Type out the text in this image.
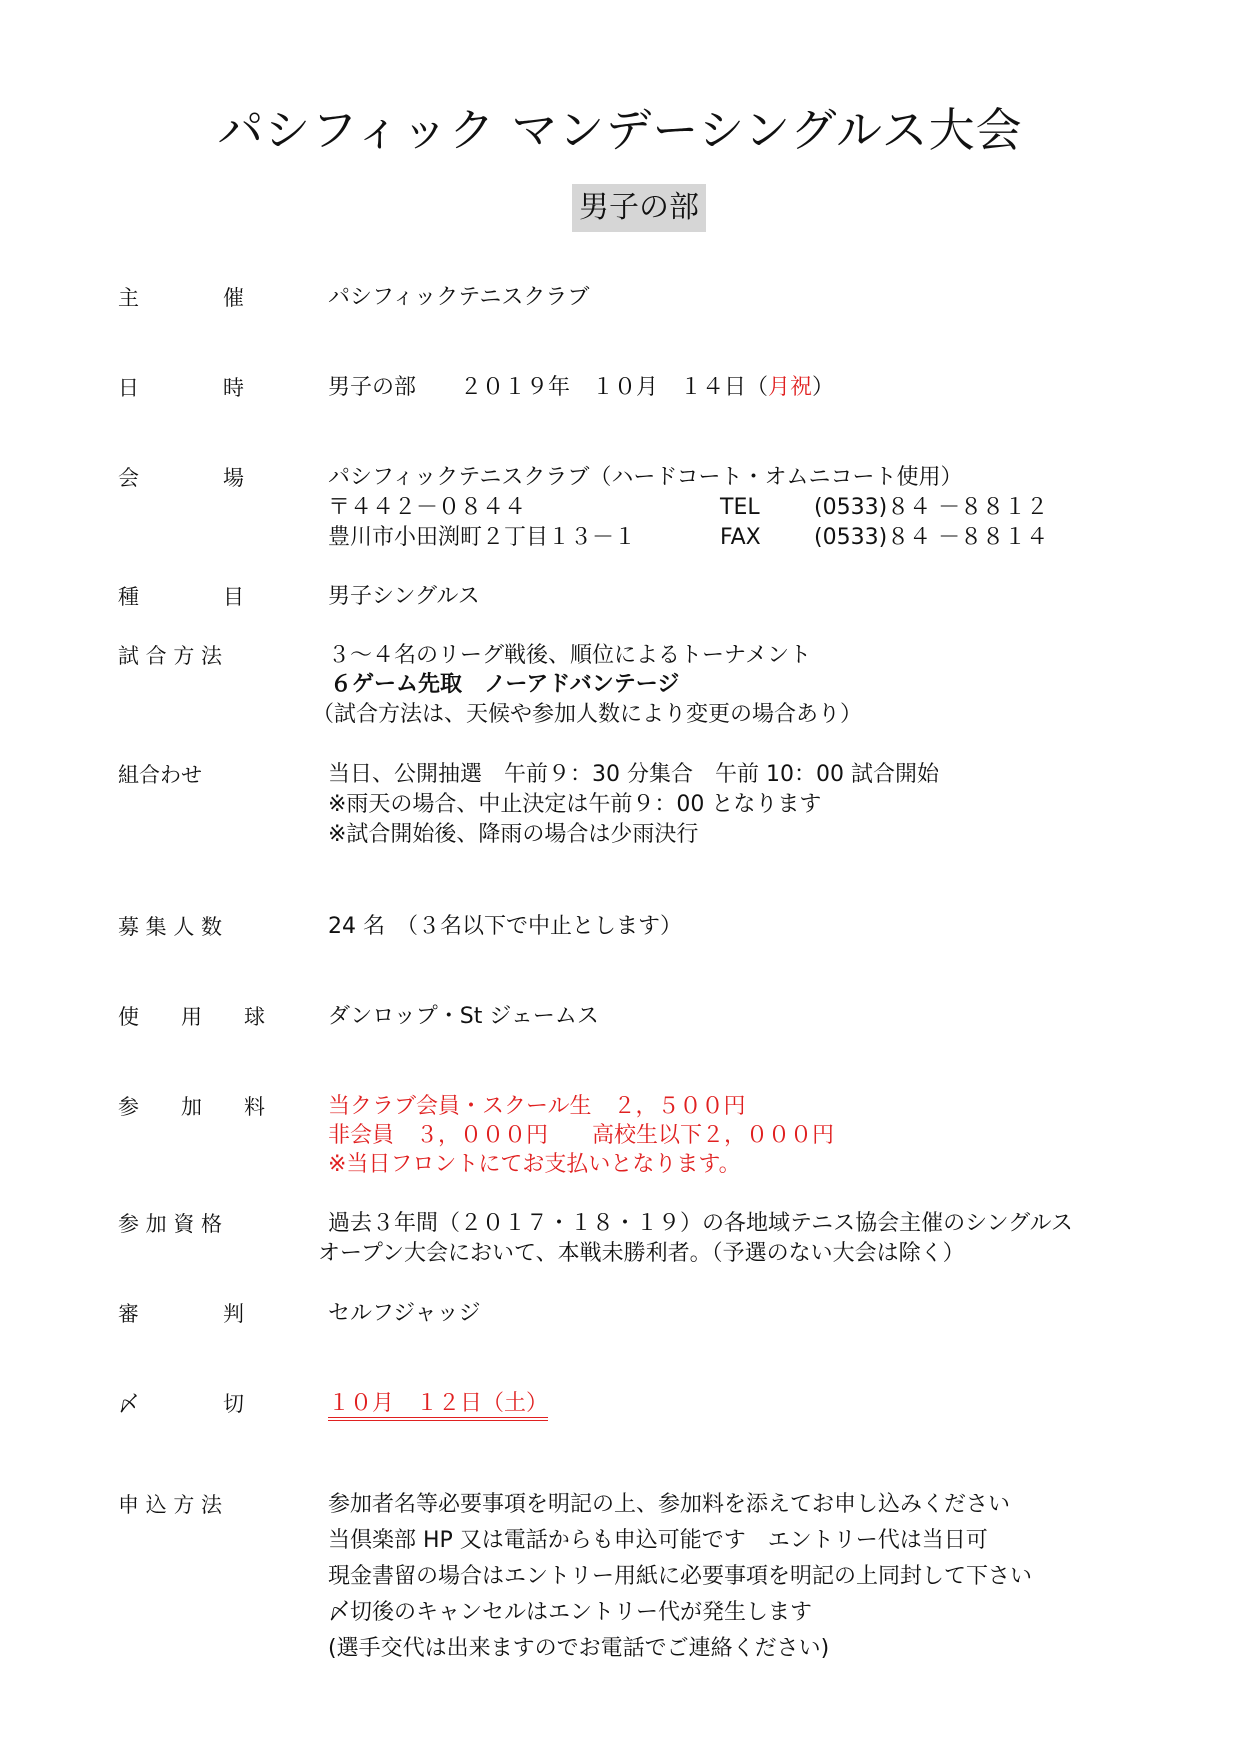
パシフィック マンデーシングルス大会
男子の部
主　　　　催	パシフィックテニスクラブ
日　　　　時	男子の部　　２０１９年　１０月　１４日（月祝）
会　　　　場	パシフィックテニスクラブ（ハードコート・オムニコート使用）
〒４４２－０８４４
豊川市小田渕町２丁目１３－１
TEL (0533)８４ －８８１２
FAX (0533)８４ －８８１４
種　　　　目	男子シングルス
試 合 方 法	３～４名のリーグ戦後、順位によるトーナメント
６ゲーム先取　ノーアドバンテージ
（試合方法は、天候や参加人数により変更の場合あり）
組合わせ	当日、公開抽選　午前９：30 分集合　午前 10：00 試合開始
※雨天の場合、中止決定は午前９：00 となります
※試合開始後、降雨の場合は少雨決行
募 集 人 数	24 名　（３名以下で中止とします）
使　　用　　球	ダンロップ・St ジェームス
参　　加　　料	当クラブ会員・スクール生　２，５００円
非会員　３，０００円　　高校生以下２，０００円
※当日フロントにてお支払いとなります。
参 加 資 格	過去３年間（２０１７・１８・１９）の各地域テニス協会主催のシングルス
オープン大会において、本戦未勝利者。（予選のない大会は除く）
審　　　　判	セルフジャッジ
〆　　　　切	１０月　１２日（土）
申 込 方 法	参加者名等必要事項を明記の上、参加料を添えてお申し込みください
当倶楽部 HP 又は電話からも申込可能です　エントリー代は当日可
現金書留の場合はエントリー用紙に必要事項を明記の上同封して下さい
〆切後のキャンセルはエントリー代が発生します
(選手交代は出来ますのでお電話でご連絡ください)
